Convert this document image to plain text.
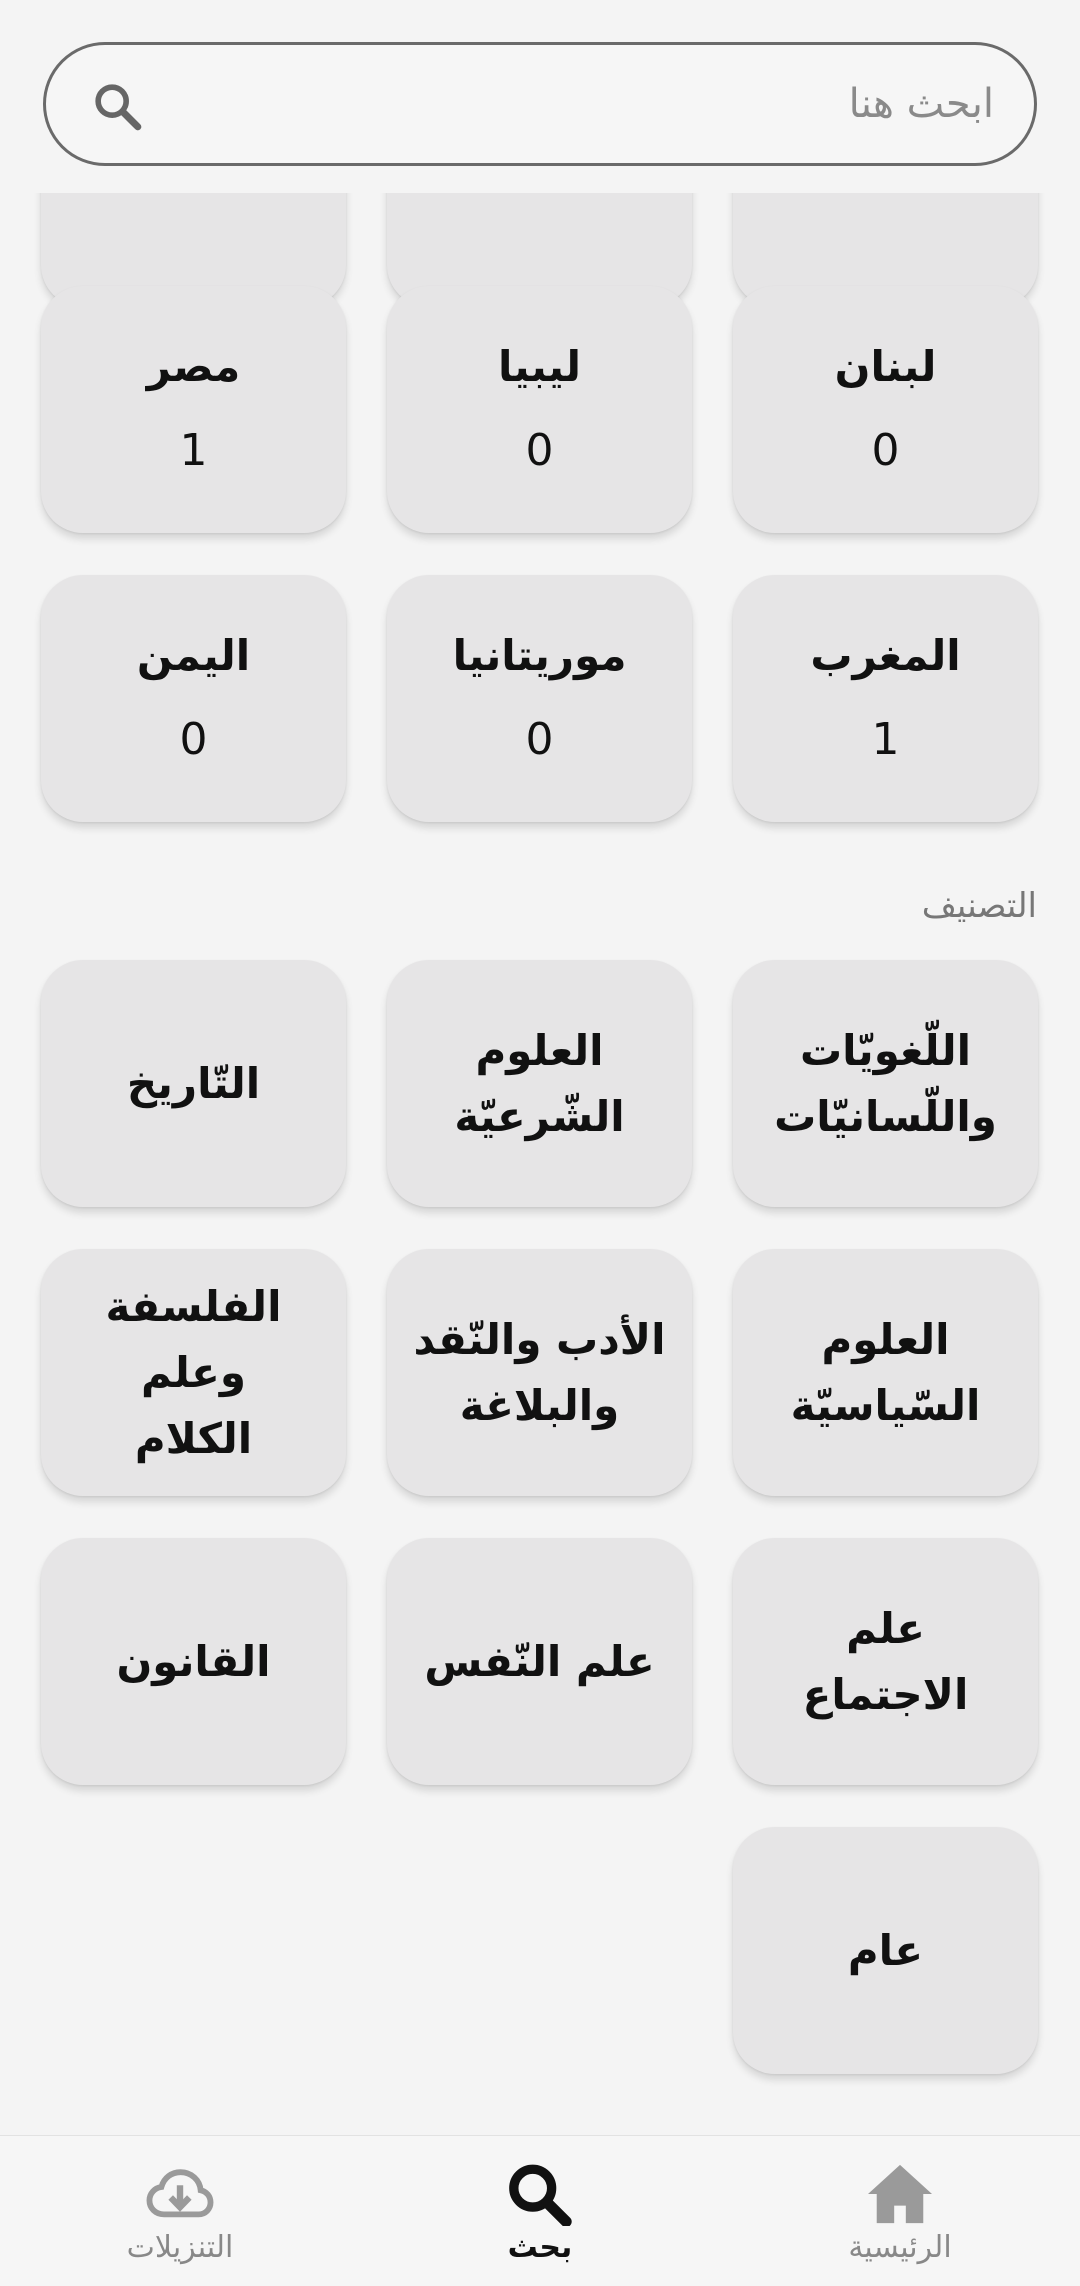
ابحث هنا
لبنان
0
ليبيا
0
مصر
1
المغرب
1
موريتانيا
0
اليمن
0
التصنيف
اللّغويّات
واللّسانيّات
العلوم
الشّرعيّة
التّاريخ
العلوم
السّياسيّة
الأدب والنّقد
والبلاغة
الفلسفة وعلم
الكلام
علم الاجتماع
علم النّفس
القانون
عام
الرئيسية
بحث
التنزيلات
